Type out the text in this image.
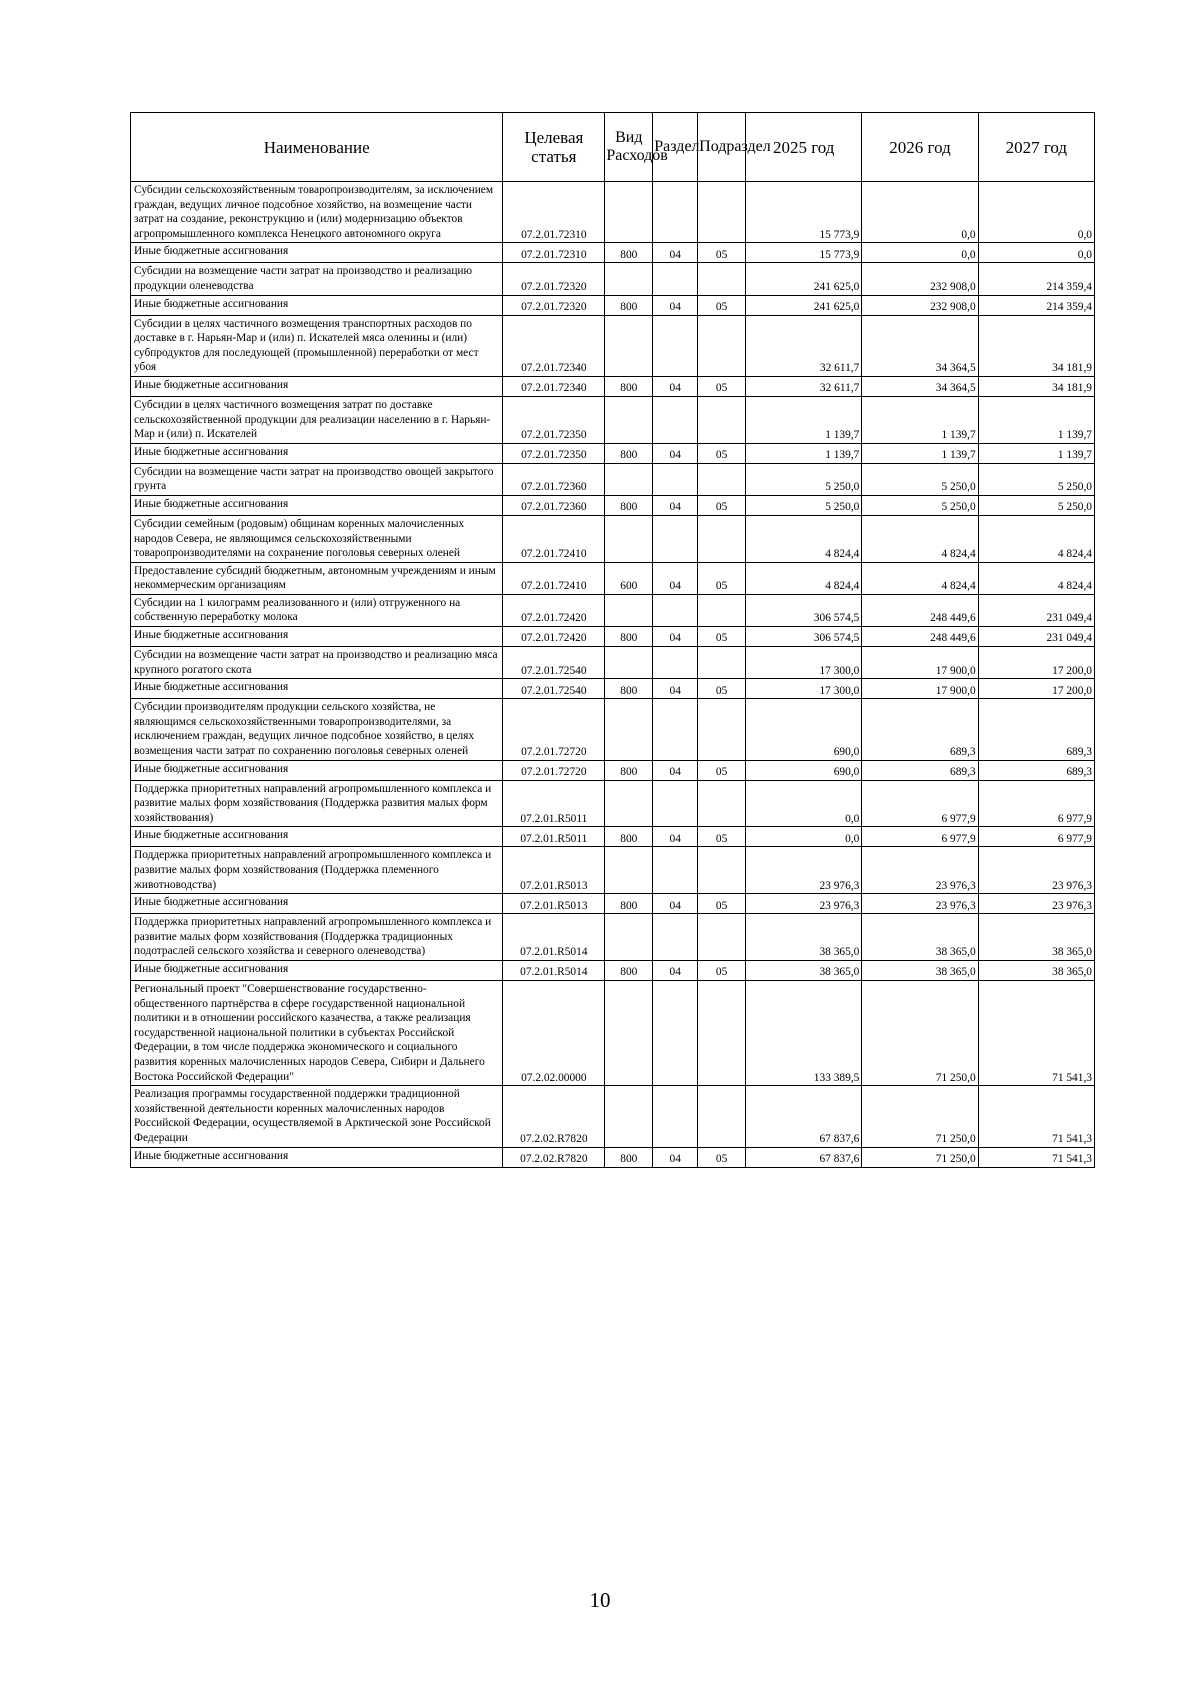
Наименование	Целевая статья	Вид Расходов	Раздел	Подраздел	2025 год	2026 год	2027 год
Субсидии сельскохозяйственным товаропроизводителям, за исключением граждан, ведущих личное подсобное хозяйство, на возмещение части затрат на создание, реконструкцию и (или) модернизацию объектов агропромышленного комплекса Ненецкого автономного округа	07.2.01.72310				15 773,9	0,0	0,0
Иные бюджетные ассигнования	07.2.01.72310	800	04	05	15 773,9	0,0	0,0
Субсидии на возмещение части затрат на производство и реализацию продукции оленеводства	07.2.01.72320				241 625,0	232 908,0	214 359,4
Иные бюджетные ассигнования	07.2.01.72320	800	04	05	241 625,0	232 908,0	214 359,4
Субсидии в целях частичного возмещения транспортных расходов по доставке в г. Нарьян-Мар и (или) п. Искателей мяса оленины и (или) субпродуктов для последующей (промышленной) переработки от мест убоя	07.2.01.72340				32 611,7	34 364,5	34 181,9
Иные бюджетные ассигнования	07.2.01.72340	800	04	05	32 611,7	34 364,5	34 181,9
Субсидии в целях частичного возмещения затрат по доставке сельскохозяйственной продукции для реализации населению в г. Нарьян-Мар и (или) п. Искателей	07.2.01.72350				1 139,7	1 139,7	1 139,7
Иные бюджетные ассигнования	07.2.01.72350	800	04	05	1 139,7	1 139,7	1 139,7
Субсидии на возмещение части затрат на производство овощей закрытого грунта	07.2.01.72360				5 250,0	5 250,0	5 250,0
Иные бюджетные ассигнования	07.2.01.72360	800	04	05	5 250,0	5 250,0	5 250,0
Субсидии семейным (родовым) общинам коренных малочисленных народов Севера, не являющимся сельскохозяйственными товаропроизводителями на сохранение поголовья северных оленей	07.2.01.72410				4 824,4	4 824,4	4 824,4
Предоставление субсидий бюджетным, автономным учреждениям и иным некоммерческим организациям	07.2.01.72410	600	04	05	4 824,4	4 824,4	4 824,4
Субсидии на 1 килограмм реализованного и (или) отгруженного на собственную переработку молока	07.2.01.72420				306 574,5	248 449,6	231 049,4
Иные бюджетные ассигнования	07.2.01.72420	800	04	05	306 574,5	248 449,6	231 049,4
Субсидии на возмещение части затрат на производство и реализацию мяса крупного рогатого скота	07.2.01.72540				17 300,0	17 900,0	17 200,0
Иные бюджетные ассигнования	07.2.01.72540	800	04	05	17 300,0	17 900,0	17 200,0
Субсидии производителям продукции сельского хозяйства, не являющимся сельскохозяйственными товаропроизводителями, за исключением граждан, ведущих личное подсобное хозяйство, в целях возмещения части затрат по сохранению поголовья северных оленей	07.2.01.72720				690,0	689,3	689,3
Иные бюджетные ассигнования	07.2.01.72720	800	04	05	690,0	689,3	689,3
Поддержка приоритетных направлений агропромышленного комплекса и развитие малых форм хозяйствования (Поддержка развития малых форм хозяйствования)	07.2.01.R5011				0,0	6 977,9	6 977,9
Иные бюджетные ассигнования	07.2.01.R5011	800	04	05	0,0	6 977,9	6 977,9
Поддержка приоритетных направлений агропромышленного комплекса и развитие малых форм хозяйствования (Поддержка племенного животноводства)	07.2.01.R5013				23 976,3	23 976,3	23 976,3
Иные бюджетные ассигнования	07.2.01.R5013	800	04	05	23 976,3	23 976,3	23 976,3
Поддержка приоритетных направлений агропромышленного комплекса и развитие малых форм хозяйствования (Поддержка традиционных подотраслей сельского хозяйства и северного оленеводства)	07.2.01.R5014				38 365,0	38 365,0	38 365,0
Иные бюджетные ассигнования	07.2.01.R5014	800	04	05	38 365,0	38 365,0	38 365,0
Региональный проект "Совершенствование государственно-общественного партнёрства в сфере государственной национальной политики и в отношении российского казачества, а также реализация государственной национальной политики в субъектах Российской Федерации, в том числе поддержка экономического и социального развития коренных малочисленных народов Севера, Сибири и Дальнего Востока Российской Федерации"	07.2.02.00000				133 389,5	71 250,0	71 541,3
Реализация программы государственной поддержки традиционной хозяйственной деятельности коренных малочисленных народов Российской Федерации, осуществляемой в Арктической зоне Российской Федерации	07.2.02.R7820				67 837,6	71 250,0	71 541,3
Иные бюджетные ассигнования	07.2.02.R7820	800	04	05	67 837,6	71 250,0	71 541,3
10
